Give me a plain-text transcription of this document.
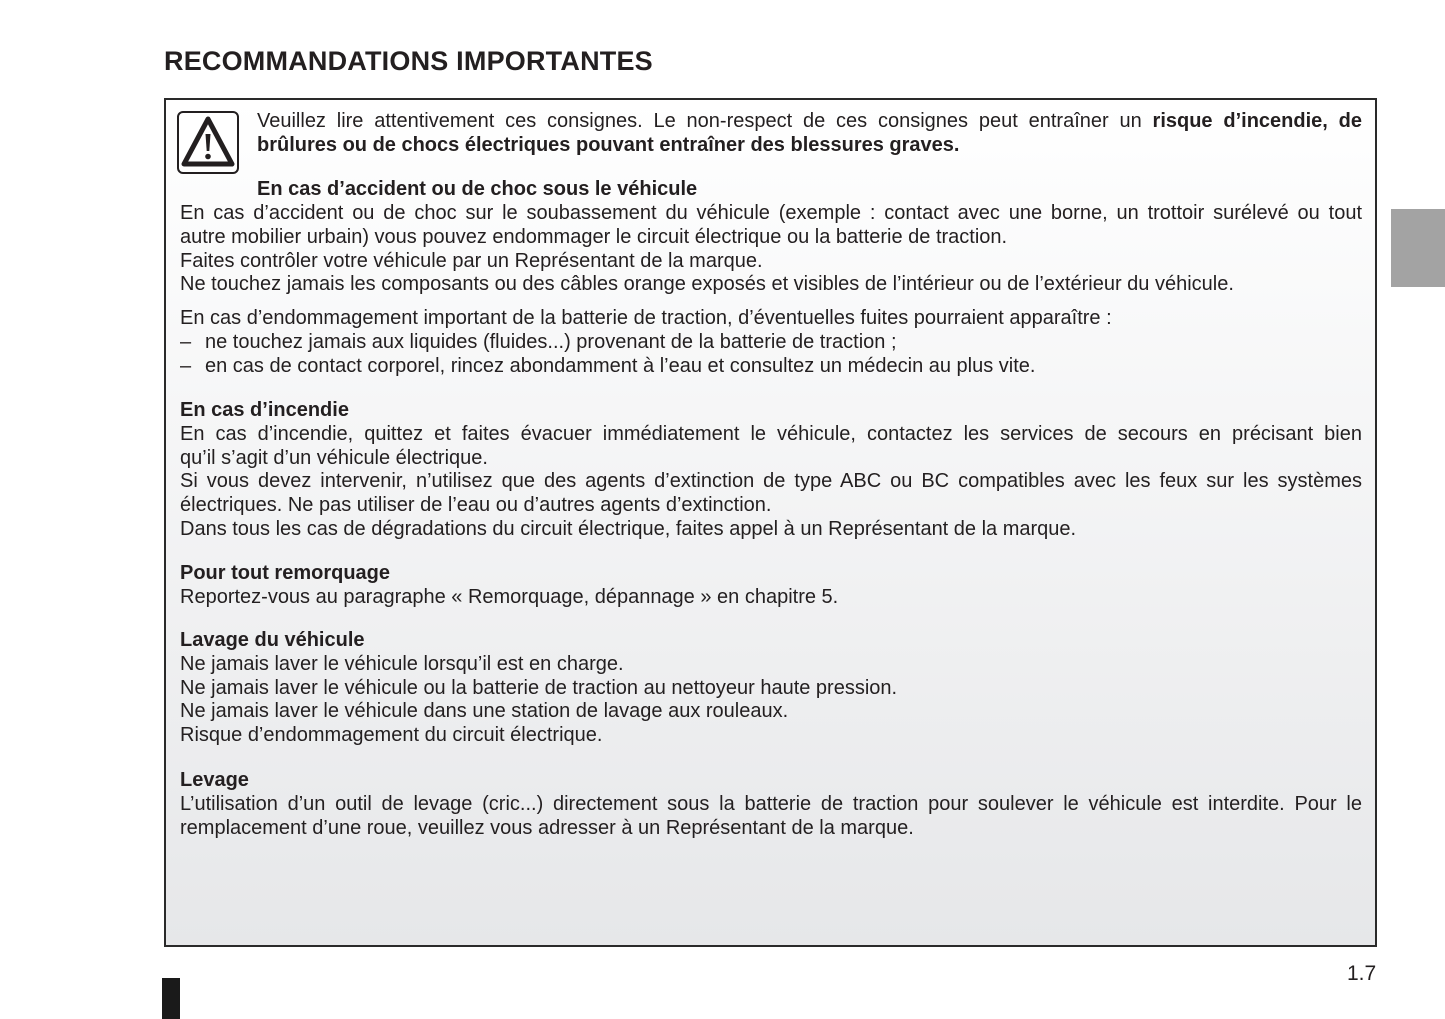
RECOMMANDATIONS IMPORTANTES
Veuillez lire attentivement ces consignes. Le non-respect de ces consignes peut entraîner un risque d’incendie, de
brûlures ou de chocs électriques pouvant entraîner des blessures graves.
En cas d’accident ou de choc sous le véhicule
En cas d’accident ou de choc sur le soubassement du véhicule (exemple : contact avec une borne, un trottoir surélevé ou tout
autre mobilier urbain) vous pouvez endommager le circuit électrique ou la batterie de traction.
Faites contrôler votre véhicule par un Représentant de la marque.
Ne touchez jamais les composants ou des câbles orange exposés et visibles de l’intérieur ou de l’extérieur du véhicule.
En cas d’endommagement important de la batterie de traction, d’éventuelles fuites pourraient apparaître :
– ne touchez jamais aux liquides (fluides...) provenant de la batterie de traction ;
– en cas de contact corporel, rincez abondamment à l’eau et consultez un médecin au plus vite.
En cas d’incendie
En cas d’incendie, quittez et faites évacuer immédiatement le véhicule, contactez les services de secours en précisant bien
qu’il s’agit d’un véhicule électrique.
Si vous devez intervenir, n’utilisez que des agents d’extinction de type ABC ou BC compatibles avec les feux sur les systèmes
électriques. Ne pas utiliser de l’eau ou d’autres agents d’extinction.
Dans tous les cas de dégradations du circuit électrique, faites appel à un Représentant de la marque.
Pour tout remorquage
Reportez-vous au paragraphe « Remorquage, dépannage » en chapitre 5.
Lavage du véhicule
Ne jamais laver le véhicule lorsqu’il est en charge.
Ne jamais laver le véhicule ou la batterie de traction au nettoyeur haute pression.
Ne jamais laver le véhicule dans une station de lavage aux rouleaux.
Risque d’endommagement du circuit électrique.
Levage
L’utilisation d’un outil de levage (cric...) directement sous la batterie de traction pour soulever le véhicule est interdite. Pour le
remplacement d’une roue, veuillez vous adresser à un Représentant de la marque.
1.7
